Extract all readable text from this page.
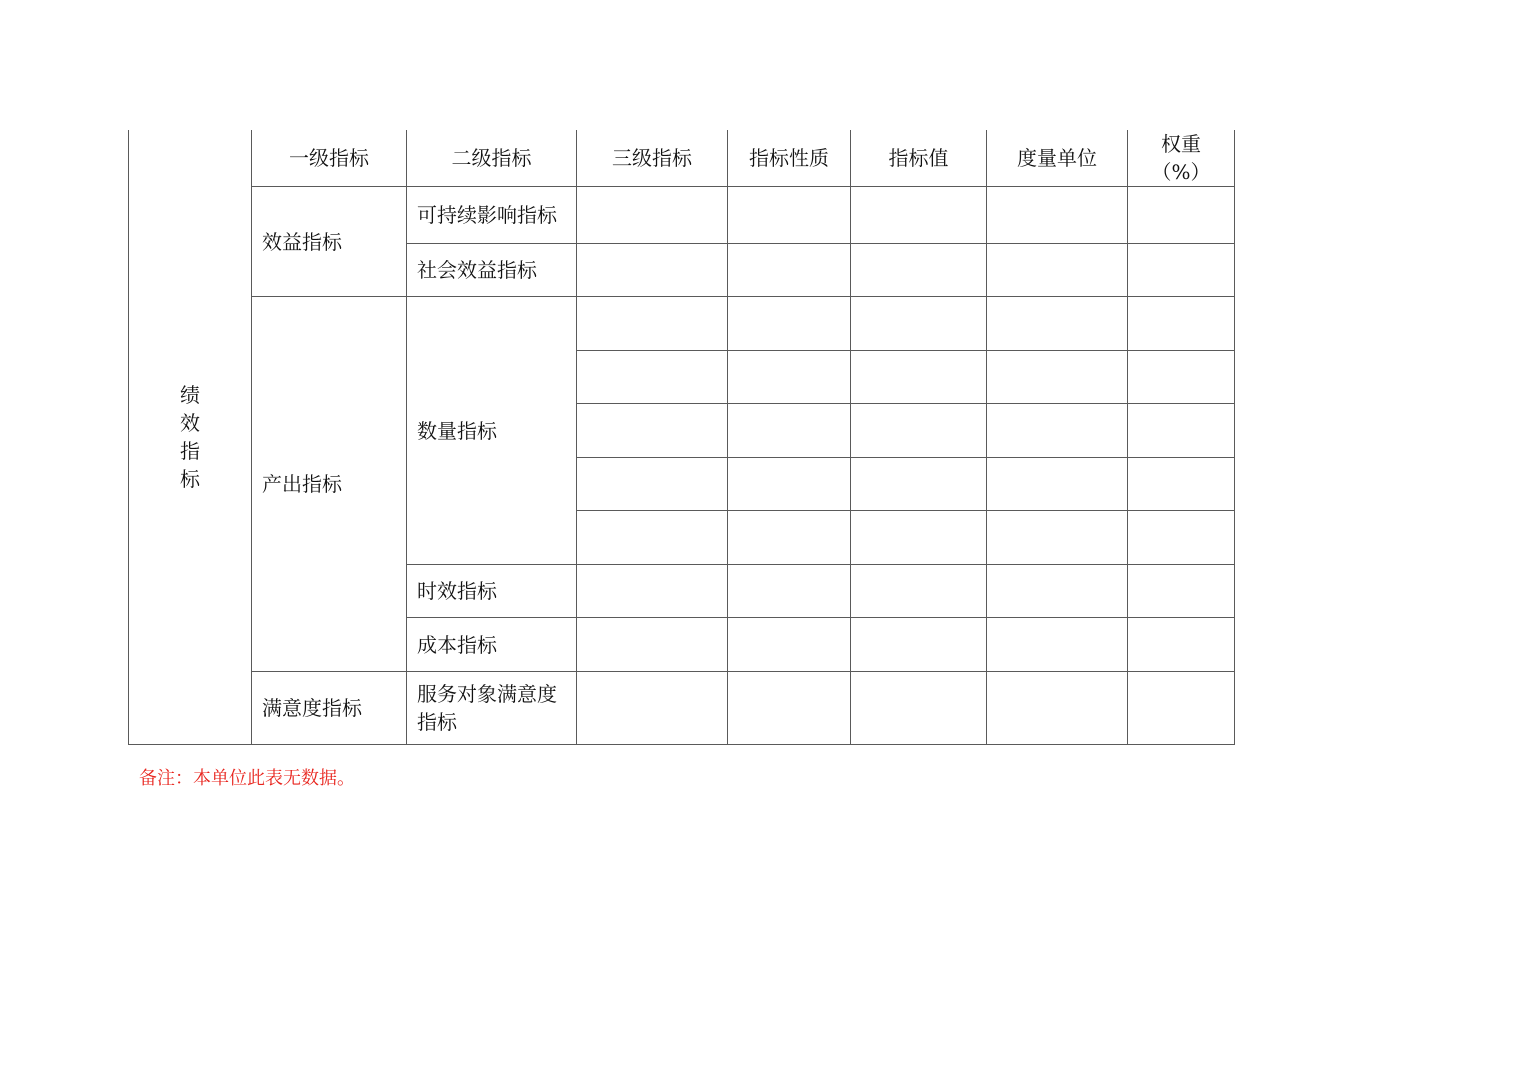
绩效指标	一级指标	二级指标	三级指标	指标性质	指标值	度量单位	权重（%）
	效益指标	可持续影响指标					
		社会效益指标					
	产出指标	数量指标					

		时效指标					
		成本指标					
	满意度指标	服务对象满意度指标					
备注：本单位此表无数据。
